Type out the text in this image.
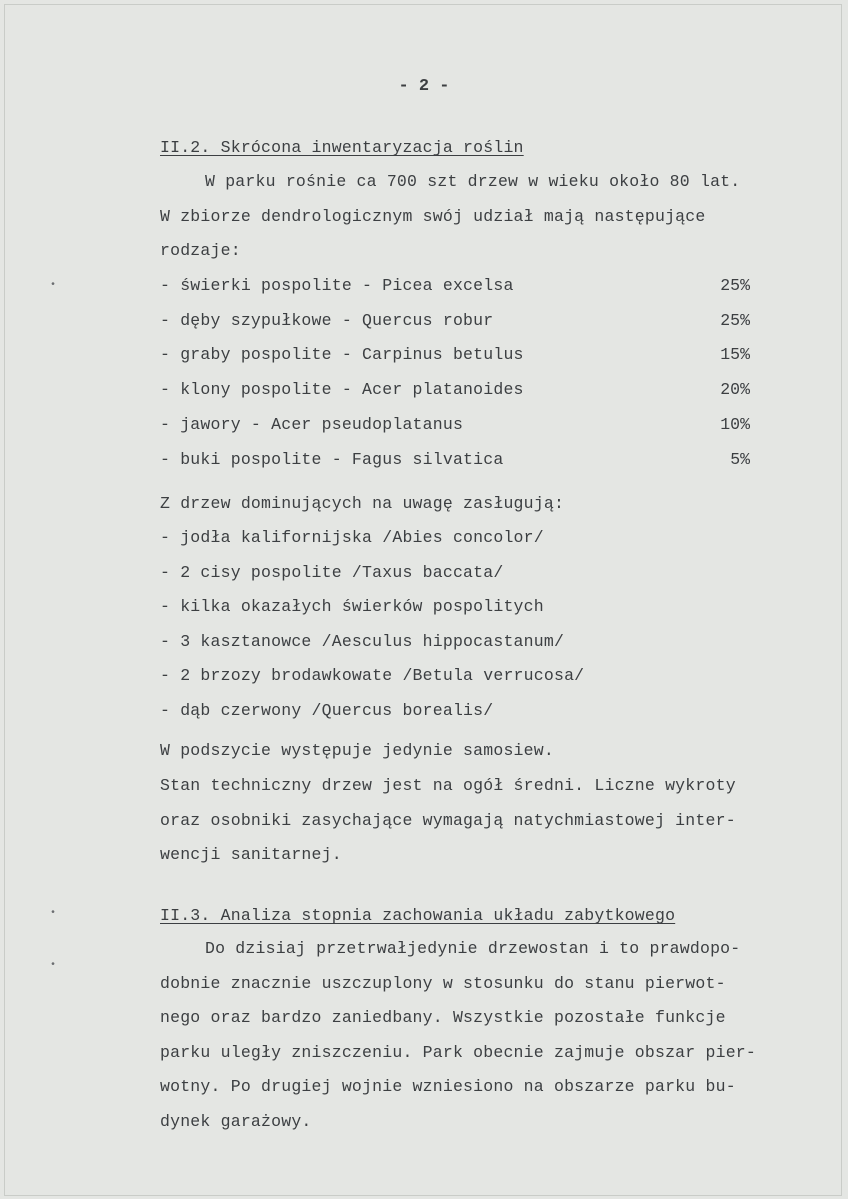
- 2 -
II.2. Skrócona inwentaryzacja roślin
W parku rośnie ca 700 szt drzew w wieku około 80 lat.
W zbiorze dendrologicznym swój udział mają następujące
rodzaje:
- świerki pospolite - Picea excelsa	25%
- dęby szypułkowe - Quercus robur	25%
- graby pospolite - Carpinus betulus	15%
- klony pospolite - Acer platanoides	20%
- jawory - Acer pseudoplatanus	10%
- buki pospolite - Fagus silvatica	5%
Z drzew dominujących na uwagę zasługują:
- jodła kalifornijska /Abies concolor/
- 2 cisy pospolite /Taxus baccata/
- kilka okazałych świerków pospolitych
- 3 kasztanowce /Aesculus hippocastanum/
- 2 brzozy brodawkowate /Betula verrucosa/
- dąb czerwony /Quercus borealis/
W podszycie występuje jedynie samosiew.
Stan techniczny drzew jest na ogół średni. Liczne wykroty
oraz osobniki zasychające wymagają natychmiastowej inter-
wencji sanitarnej.
II.3. Analiza stopnia zachowania układu zabytkowego
Do dzisiaj przetrwałjedynie drzewostan i to prawdopo-
dobnie znacznie uszczuplony w stosunku do stanu pierwot-
nego oraz bardzo zaniedbany. Wszystkie pozostałe funkcje
parku uległy zniszczeniu. Park obecnie zajmuje obszar pier-
wotny. Po drugiej wojnie wzniesiono na obszarze parku bu-
dynek garażowy.
•
•
•
